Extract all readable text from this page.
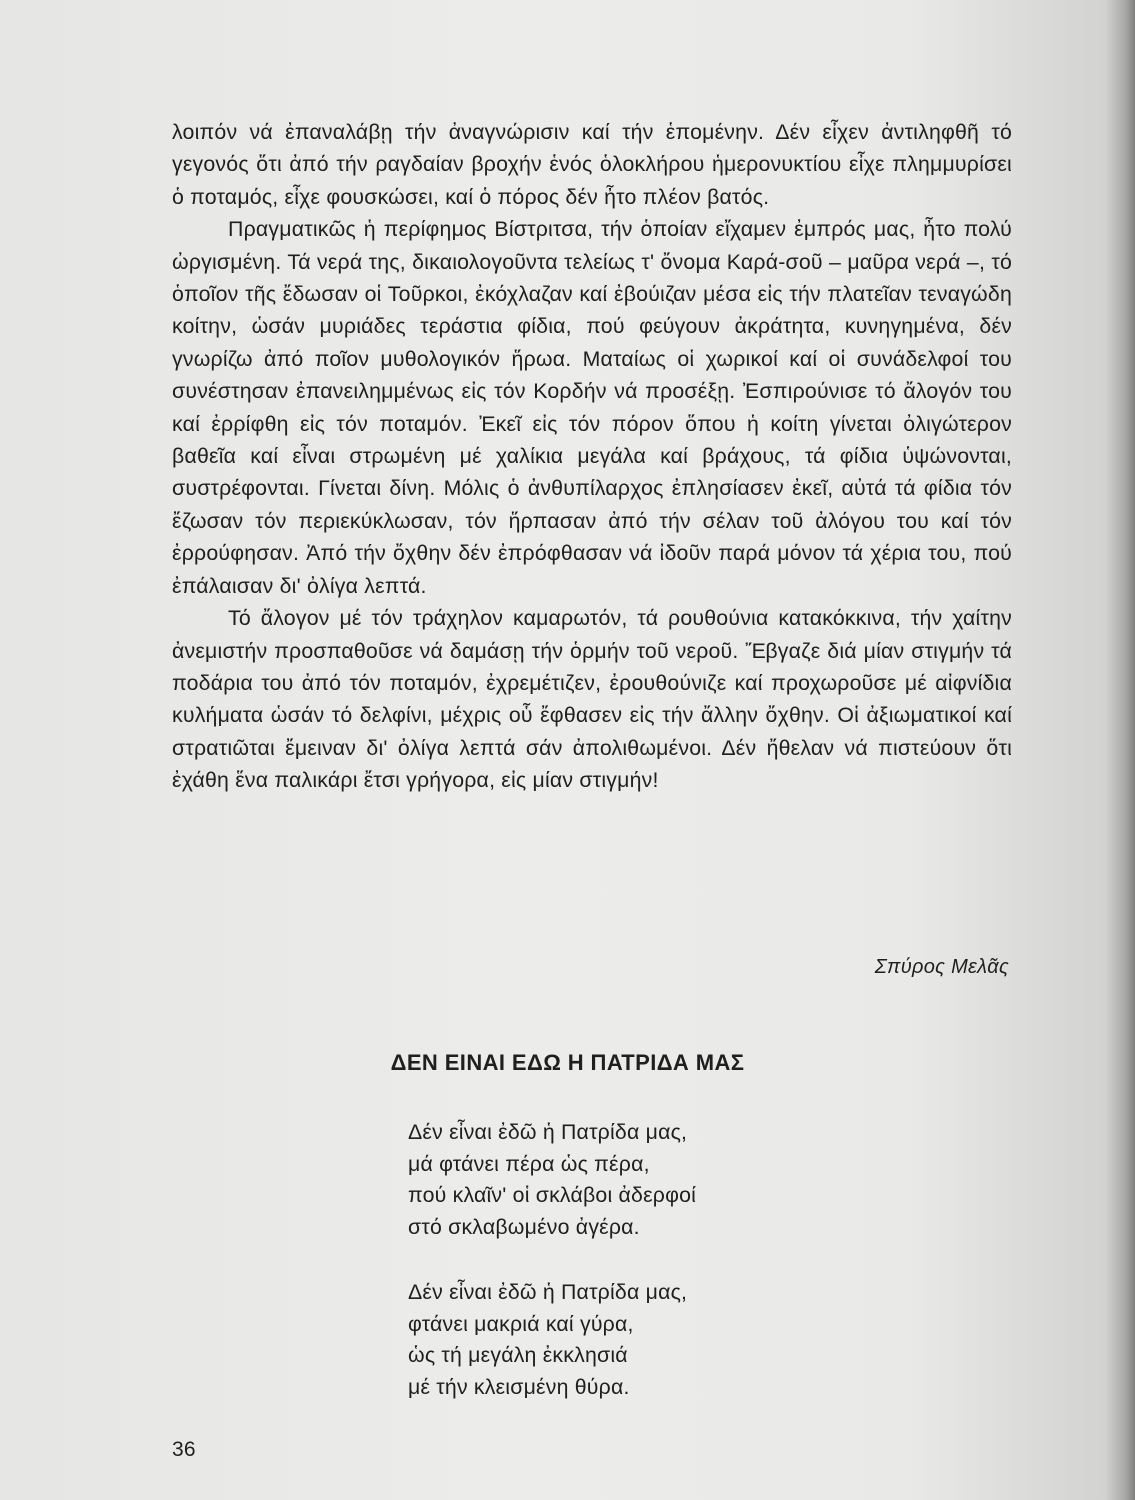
λοιπόν νά ἐπαναλάβῃ τήν ἀναγνώρισιν καί τήν ἑπομένην. Δέν εἶχεν ἀντιληφθῆ τό γεγονός ὅτι ἀπό τήν ραγδαίαν βροχήν ἑνός ὁλοκλήρου ἡμερονυκτίου εἶχε πλημμυρίσει ὁ ποταμός, εἶχε φουσκώσει, καί ὁ πόρος δέν ἦτο πλέον βατός.

Πραγματικῶς ἡ περίφημος Βίστριτσα, τήν ὁποίαν εἴχαμεν ἐμπρός μας, ἦτο πολύ ὠργισμένη. Τά νερά της, δικαιολογοῦντα τελείως τ' ὄνομα Καρά-σοῦ – μαῦρα νερά –, τό ὁποῖον τῆς ἔδωσαν οἱ Τοῦρκοι, ἐκόχλαζαν καί ἐβούιζαν μέσα εἰς τήν πλατεῖαν τεναγώδη κοίτην, ὡσάν μυριάδες τεράστια φίδια, πού φεύγουν ἀκράτητα, κυνηγημένα, δέν γνωρίζω ἀπό ποῖον μυθολογικόν ἥρωα. Ματαίως οἱ χωρικοί καί οἱ συνάδελφοί του συνέστησαν ἐπανειλημμένως εἰς τόν Κορδήν νά προσέξῃ. Ἐσπιρούνισε τό ἄλογόν του καί ἐρρίφθη εἰς τόν ποταμόν. Ἐκεῖ εἰς τόν πόρον ὅπου ἡ κοίτη γίνεται ὀλιγώτερον βαθεῖα καί εἶναι στρωμένη μέ χαλίκια μεγάλα καί βράχους, τά φίδια ὑψώνονται, συστρέφονται. Γίνεται δίνη. Μόλις ὁ ἀνθυπίλαρχος ἐπλησίασεν ἐκεῖ, αὐτά τά φίδια τόν ἔζωσαν τόν περιεκύκλωσαν, τόν ἥρπασαν ἀπό τήν σέλαν τοῦ ἀλόγου του καί τόν ἐρρούφησαν. Ἀπό τήν ὄχθην δέν ἐπρόφθασαν νά ἰδοῦν παρά μόνον τά χέρια του, πού ἐπάλαισαν δι' ὀλίγα λεπτά.

Τό ἄλογον μέ τόν τράχηλον καμαρωτόν, τά ρουθούνια κατακόκκινα, τήν χαίτην ἀνεμιστήν προσπαθοῦσε νά δαμάσῃ τήν ὁρμήν τοῦ νεροῦ. Ἔβγαζε διά μίαν στιγμήν τά ποδάρια του ἀπό τόν ποταμόν, ἐχρεμέτιζεν, ἐρουθούνιζε καί προχωροῦσε μέ αἰφνίδια κυλήματα ὡσάν τό δελφίνι, μέχρις οὗ ἔφθασεν εἰς τήν ἄλλην ὄχθην. Οἱ ἀξιωματικοί καί στρατιῶται ἔμειναν δι' ὀλίγα λεπτά σάν ἀπολιθωμένοι. Δέν ἤθελαν νά πιστεύουν ὅτι ἐχάθη ἕνα παλικάρι ἔτσι γρήγορα, εἰς μίαν στιγμήν!

Σπύρος Μελᾶς
ΔΕΝ ΕΙΝΑΙ ΕΔΩ Η ΠΑΤΡΙΔΑ ΜΑΣ
Δέν εἶναι ἐδῶ ἡ Πατρίδα μας,
μά φτάνει πέρα ὡς πέρα,
πού κλαῖν' οἱ σκλάβοι ἀδερφοί
στό σκλαβωμένο ἀγέρα.
Δέν εἶναι ἐδῶ ἡ Πατρίδα μας,
φτάνει μακριά καί γύρα,
ὡς τή μεγάλη ἐκκλησιά
μέ τήν κλεισμένη θύρα.
36
